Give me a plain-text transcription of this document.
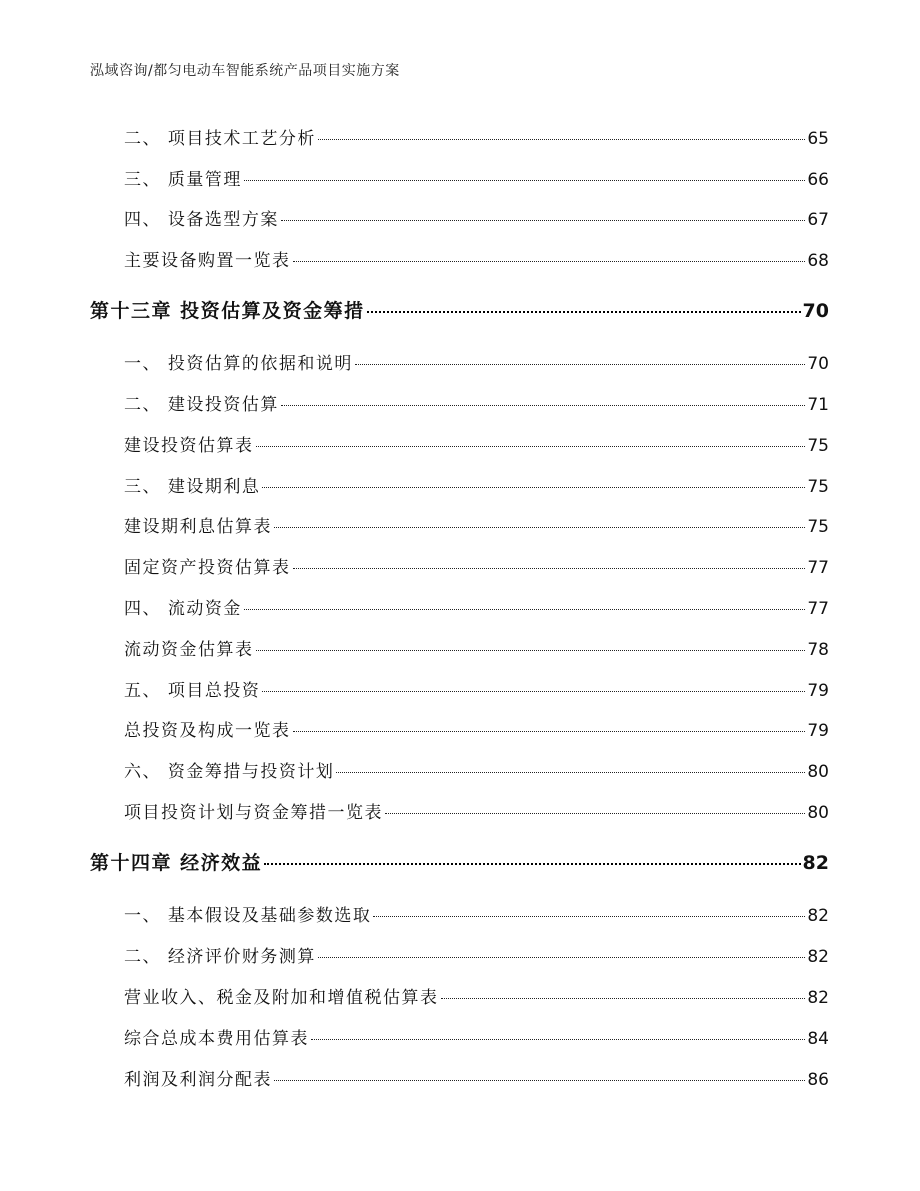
泓域咨询/都匀电动车智能系统产品项目实施方案
二、 项目技术工艺分析	65
三、 质量管理	66
四、 设备选型方案	67
主要设备购置一览表	68
第十三章 投资估算及资金筹措	70
一、 投资估算的依据和说明	70
二、 建设投资估算	71
建设投资估算表	75
三、 建设期利息	75
建设期利息估算表	75
固定资产投资估算表	77
四、 流动资金	77
流动资金估算表	78
五、 项目总投资	79
总投资及构成一览表	79
六、 资金筹措与投资计划	80
项目投资计划与资金筹措一览表	80
第十四章 经济效益	82
一、 基本假设及基础参数选取	82
二、 经济评价财务测算	82
营业收入、税金及附加和增值税估算表	82
综合总成本费用估算表	84
利润及利润分配表	86
